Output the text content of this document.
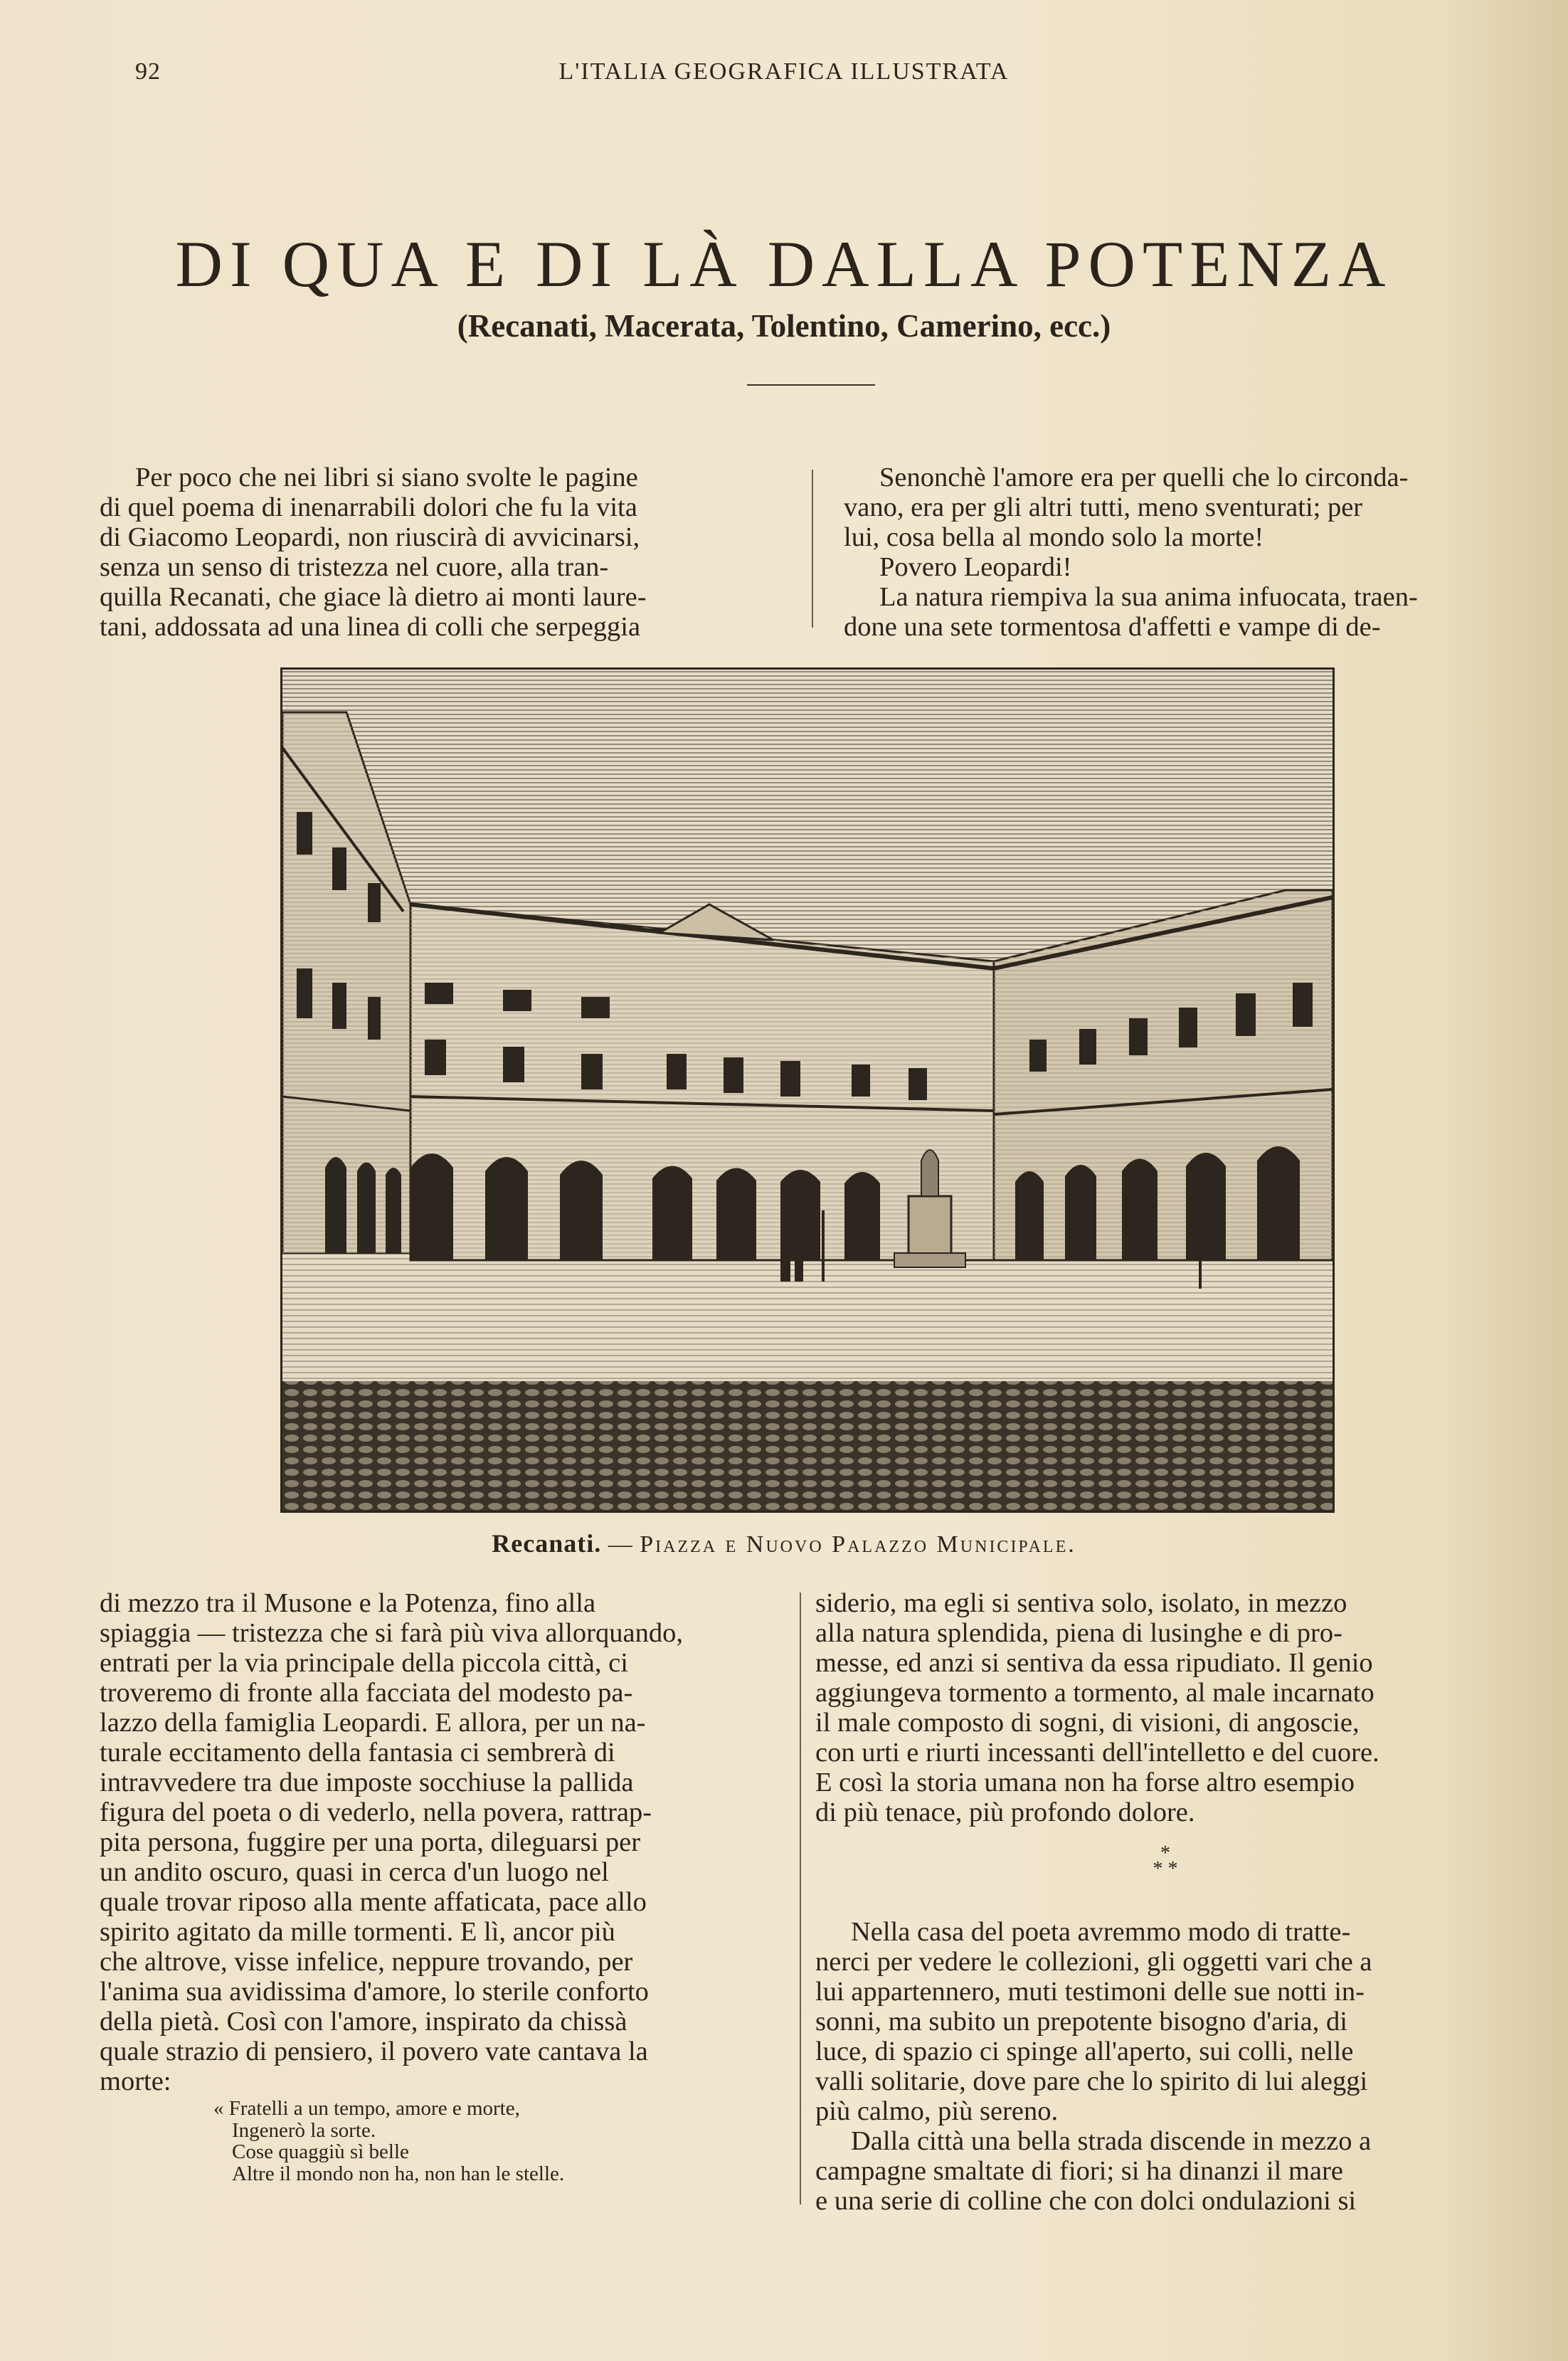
92	L'ITALIA GEOGRAFICA ILLUSTRATA
DI QUA E DI LÀ DALLA POTENZA
(Recanati, Macerata, Tolentino, Camerino, ecc.)
Per poco che nei libri si siano svolte le pagine
di quel poema di inenarrabili dolori che fu la vita
di Giacomo Leopardi, non riuscirà di avvicinarsi,
senza un senso di tristezza nel cuore, alla tran-
quilla Recanati, che giace là dietro ai monti laure-
tani, addossata ad una linea di colli che serpeggia
Senonchè l'amore era per quelli che lo circonda-
vano, era per gli altri tutti, meno sventurati; per
lui, cosa bella al mondo solo la morte!
Povero Leopardi!
La natura riempiva la sua anima infuocata, traen-
done una sete tormentosa d'affetti e vampe di de-
Recanati. — Piazza e Nuovo Palazzo Municipale.
di mezzo tra il Musone e la Potenza, fino alla
spiaggia — tristezza che si farà più viva allorquando,
entrati per la via principale della piccola città, ci
troveremo di fronte alla facciata del modesto pa-
lazzo della famiglia Leopardi. E allora, per un na-
turale eccitamento della fantasia ci sembrerà di
intravvedere tra due imposte socchiuse la pallida
figura del poeta o di vederlo, nella povera, rattrap-
pita persona, fuggire per una porta, dileguarsi per
un andito oscuro, quasi in cerca d'un luogo nel
quale trovar riposo alla mente affaticata, pace allo
spirito agitato da mille tormenti. E lì, ancor più
che altrove, visse infelice, neppure trovando, per
l'anima sua avidissima d'amore, lo sterile conforto
della pietà. Così con l'amore, inspirato da chissà
quale strazio di pensiero, il povero vate cantava la
morte:
« Fratelli a un tempo, amore e morte,
Ingenerò la sorte.
Cose quaggiù sì belle
Altre il mondo non ha, non han le stelle.
siderio, ma egli si sentiva solo, isolato, in mezzo
alla natura splendida, piena di lusinghe e di pro-
messe, ed anzi si sentiva da essa ripudiato. Il genio
aggiungeva tormento a tormento, al male incarnato
il male composto di sogni, di visioni, di angoscie,
con urti e riurti incessanti dell'intelletto e del cuore.
E così la storia umana non ha forse altro esempio
di più tenace, più profondo dolore.
Nella casa del poeta avremmo modo di tratte-
nerci per vedere le collezioni, gli oggetti vari che a
lui appartennero, muti testimoni delle sue notti in-
sonni, ma subito un prepotente bisogno d'aria, di
luce, di spazio ci spinge all'aperto, sui colli, nelle
valli solitarie, dove pare che lo spirito di lui aleggi
più calmo, più sereno.
Dalla città una bella strada discende in mezzo a
campagne smaltate di fiori; si ha dinanzi il mare
e una serie di colline che con dolci ondulazioni si
*
* *
